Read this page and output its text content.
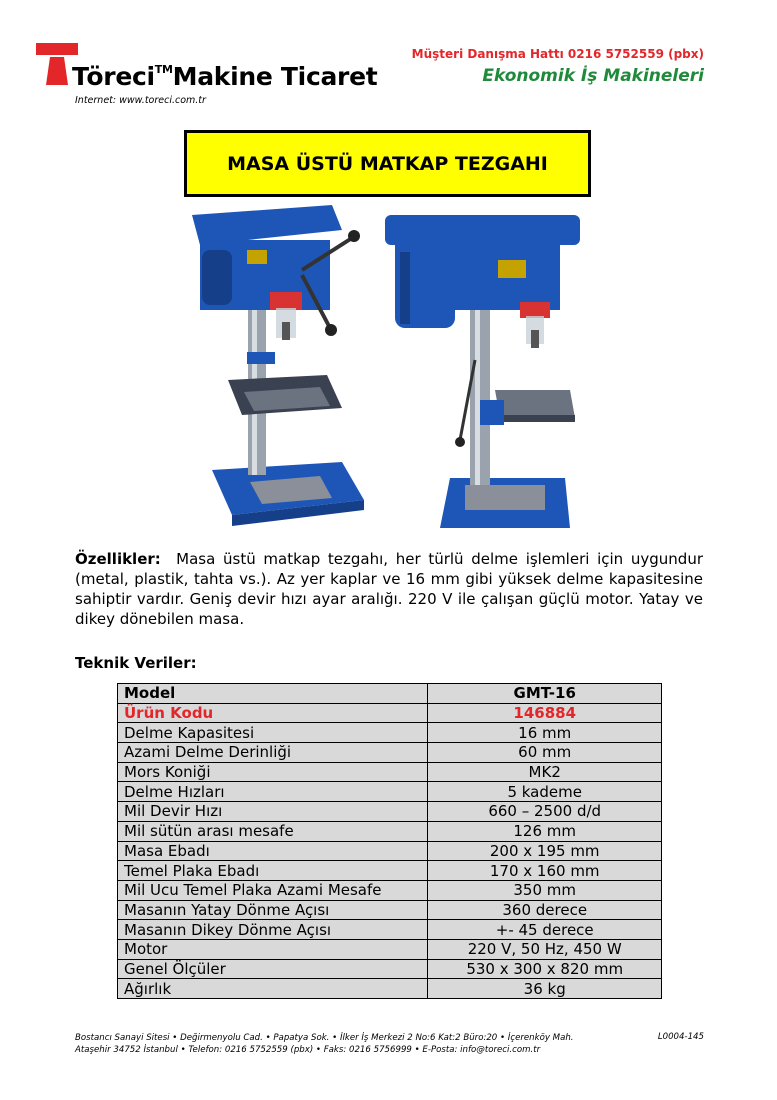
Töreci™Makine Ticaret
Internet: www.toreci.com.tr
Müşteri Danışma Hattı 0216 5752559 (pbx)
Ekonomik İş Makineleri
MASA ÜSTÜ MATKAP TEZGAHI
Özellikler: Masa üstü matkap tezgahı, her türlü delme işlemleri için uygundur (metal, plastik, tahta vs.). Az yer kaplar ve 16 mm gibi yüksek delme kapasitesine sahiptir vardır. Geniş devir hızı ayar aralığı. 220 V ile çalışan güçlü motor. Yatay ve dikey dönebilen masa.
Teknik Veriler:
Model	GMT-16
Ürün Kodu	146884
Delme Kapasitesi	16 mm
Azami Delme Derinliği	60 mm
Mors Koniği	MK2
Delme Hızları	5 kademe
Mil Devir Hızı	660 – 2500 d/d
Mil sütün arası mesafe	126 mm
Masa Ebadı	200 x 195 mm
Temel Plaka Ebadı	170 x 160 mm
Mil Ucu Temel Plaka Azami Mesafe	350 mm
Masanın Yatay Dönme Açısı	360 derece
Masanın Dikey Dönme Açısı	+- 45 derece
Motor	220 V, 50 Hz, 450 W
Genel Ölçüler	530 x 300 x 820 mm
Ağırlık	36 kg
Bostancı Sanayi Sitesi • Değirmenyolu Cad. • Papatya Sok. • İlker İş Merkezi 2 No:6 Kat:2 Büro:20 • İçerenköy Mah.
Ataşehir 34752 İstanbul • Telefon: 0216 5752559 (pbx) • Faks: 0216 5756999 • E-Posta: info@toreci.com.tr
L0004-145
